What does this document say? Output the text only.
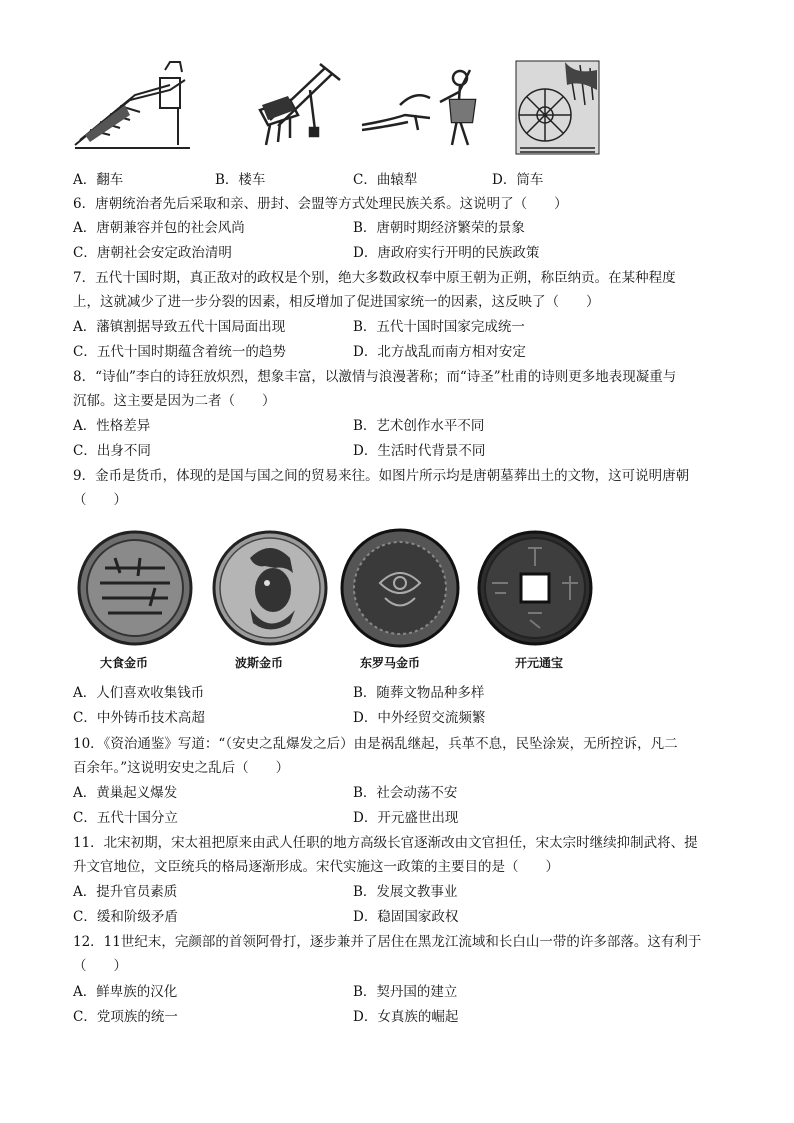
A．翻车	B．楼车	C．曲辕犁	D．筒车
6．唐朝统治者先后采取和亲、册封、会盟等方式处理民族关系。这说明了（　　）
A．唐朝兼容并包的社会风尚	B．唐朝时期经济繁荣的景象
C．唐朝社会安定政治清明	D．唐政府实行开明的民族政策
7．五代十国时期，真正敌对的政权是个别，绝大多数政权奉中原王朝为正朔，称臣纳贡。在某种程度
上，这就减少了进一步分裂的因素，相反增加了促进国家统一的因素，这反映了（　　）
A．藩镇割据导致五代十国局面出现	B．五代十国时国家完成统一
C．五代十国时期蕴含着统一的趋势	D．北方战乱而南方相对安定
8．“诗仙”李白的诗狂放炽烈，想象丰富，以激情与浪漫著称；而“诗圣”杜甫的诗则更多地表现凝重与
沉郁。这主要是因为二者（　　）
A．性格差异	B．艺术创作水平不同
C．出身不同	D．生活时代背景不同
9．金币是货币，体现的是国与国之间的贸易来往。如图片所示均是唐朝墓葬出土的文物，这可说明唐朝
（　　）
大食金币	波斯金币	东罗马金币	开元通宝
A．人们喜欢收集钱币	B．随葬文物品种多样
C．中外铸币技术高超	D．中外经贸交流频繁
10．《资治通鉴》写道：“（安史之乱爆发之后）由是祸乱继起，兵革不息，民坠涂炭，无所控诉，凡二
百余年。”这说明安史之乱后（　　）
A．黄巢起义爆发	B．社会动荡不安
C．五代十国分立	D．开元盛世出现
11．北宋初期，宋太祖把原来由武人任职的地方高级长官逐渐改由文官担任，宋太宗时继续抑制武将、提
升文官地位，文臣统兵的格局逐渐形成。宋代实施这一政策的主要目的是（　　）
A．提升官员素质	B．发展文教事业
C．缓和阶级矛盾	D．稳固国家政权
12．11世纪末，完颜部的首领阿骨打，逐步兼并了居住在黑龙江流域和长白山一带的许多部落。这有利于
（　　）
A．鲜卑族的汉化	B．契丹国的建立
C．党项族的统一	D．女真族的崛起
